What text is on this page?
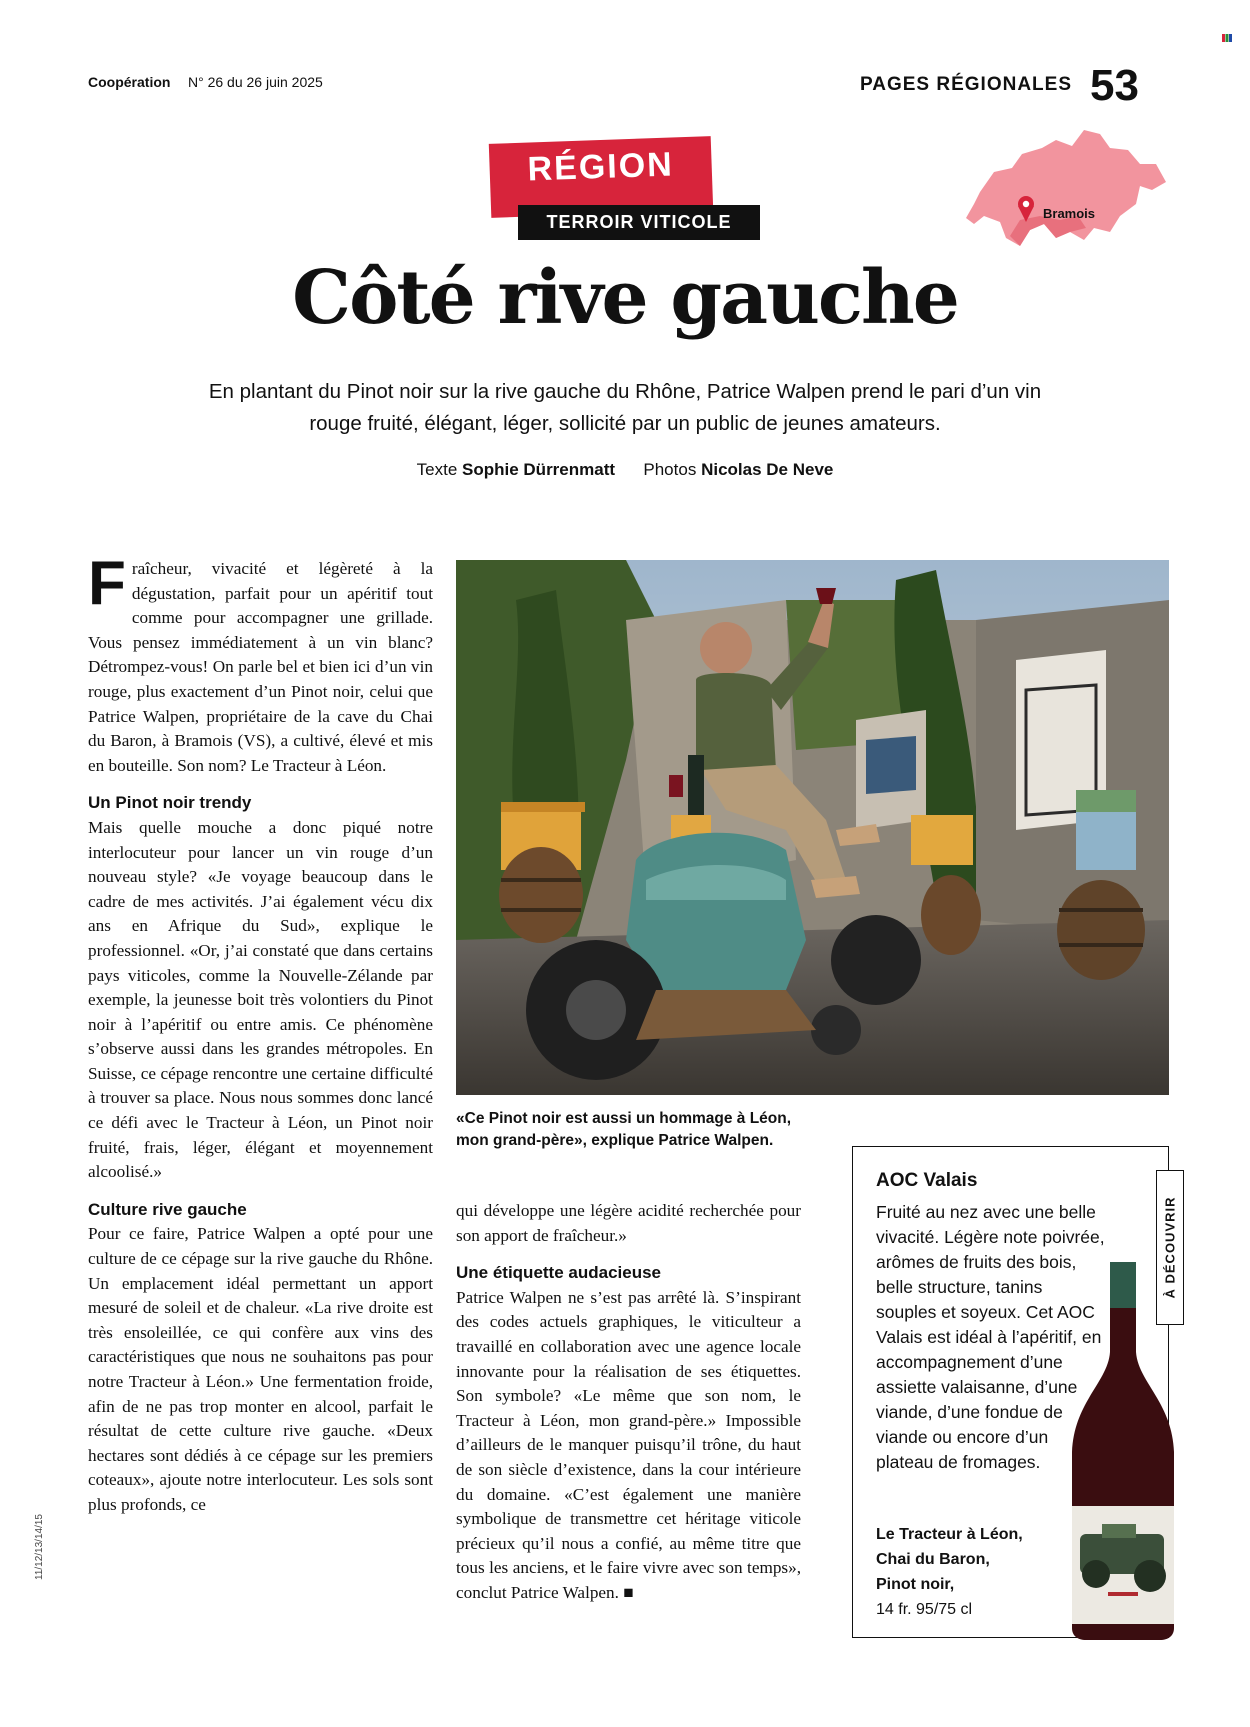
Coopération N° 26 du 26 juin 2025	PAGES RÉGIONALES 53
RÉGION
TERROIR VITICOLE	Bramois
Côté rive gauche

En plantant du Pinot noir sur la rive gauche du Rhône, Patrice Walpen prend le pari d’un vin rouge fruité, élégant, léger, sollicité par un public de jeunes amateurs.

Texte Sophie Dürrenmatt Photos Nicolas De Neve

Fraîcheur, vivacité et légèreté à la dégustation, parfait pour un apéritif tout comme pour accompagner une grillade. Vous pensez immédiatement à un vin blanc? Détrompez-vous! On parle bel et bien ici d’un vin rouge, plus exactement d’un Pinot noir, celui que Patrice Walpen, propriétaire de la cave du Chai du Baron, à Bramois (VS), a cultivé, élevé et mis en bouteille. Son nom? Le Tracteur à Léon.

Un Pinot noir trendy

Mais quelle mouche a donc piqué notre interlocuteur pour lancer un vin rouge d’un nouveau style? «Je voyage beaucoup dans le cadre de mes activités. J’ai également vécu dix ans en Afrique du Sud», explique le professionnel. «Or, j’ai constaté que dans certains pays viticoles, comme la Nouvelle-Zélande par exemple, la jeunesse boit très volontiers du Pinot noir à l’apéritif ou entre amis. Ce phénomène s’observe aussi dans les grandes métropoles. En Suisse, ce cépage rencontre une certaine difficulté à trouver sa place. Nous nous sommes donc lancé ce défi avec le Tracteur à Léon, un Pinot noir fruité, frais, léger, élégant et moyennement alcoolisé.»

Culture rive gauche

Pour ce faire, Patrice Walpen a opté pour une culture de ce cépage sur la rive gauche du Rhône. Un emplacement idéal permettant un apport mesuré de soleil et de chaleur. «La rive droite est très ensoleillée, ce qui confère aux vins des caractéristiques que nous ne souhaitons pas pour notre Tracteur à Léon.» Une fermentation froide, afin de ne pas trop monter en alcool, parfait le résultat de cette culture rive gauche. «Deux hectares sont dédiés à ce cépage sur les premiers coteaux», ajoute notre interlocuteur. Les sols sont plus profonds, ce

«Ce Pinot noir est aussi un hommage à Léon, mon grand-père», explique Patrice Walpen.

qui développe une légère acidité recherchée pour son apport de fraîcheur.»

Une étiquette audacieuse

Patrice Walpen ne s’est pas arrêté là. S’inspirant des codes actuels graphiques, le viticulteur a travaillé en collaboration avec une agence locale innovante pour la réalisation de ses étiquettes. Son symbole? «Le même que son nom, le Tracteur à Léon, mon grand-père.» Impossible d’ailleurs de le manquer puisqu’il trône, du haut de son siècle d’existence, dans la cour intérieure du domaine. «C’est également une manière symbolique de transmettre cet héritage viticole précieux qu’il nous a confié, au même titre que tous les anciens, et le faire vivre avec son temps», conclut Patrice Walpen. ■

AOC Valais
Fruité au nez avec une belle vivacité. Légère note poivrée, arômes de fruits des bois, belle structure, tanins souples et soyeux. Cet AOC Valais est idéal à l’apéritif, en accompagnement d’une assiette valaisanne, d’une viande, d’une fondue de viande ou encore d’un plateau de fromages.
Le Tracteur à Léon,
Chai du Baron,
Pinot noir,
14 fr. 95/75 cl
À DÉCOUVRIR
11/12/13/14/15
